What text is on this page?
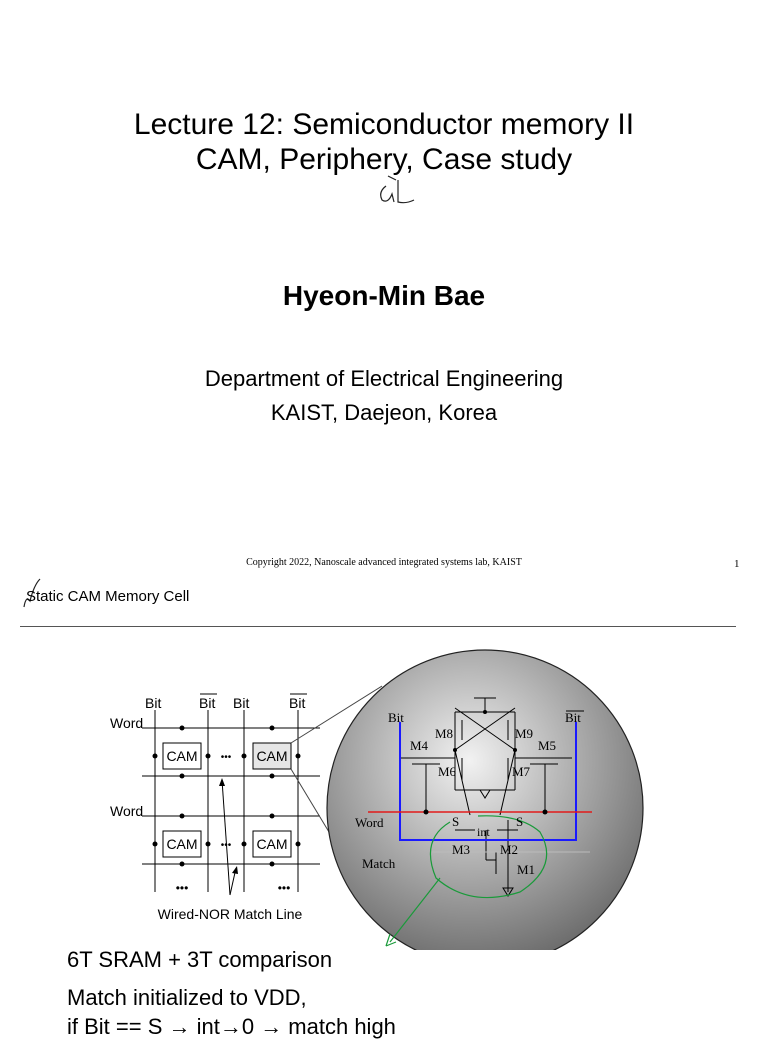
Lecture 12: Semiconductor memory II
CAM, Periphery, Case study
al
Hyeon-Min Bae
Department of Electrical Engineering
KAIST, Daejeon, Korea
Copyright 2022, Nanoscale advanced integrated systems lab, KAIST	1
Static CAM Memory Cell
Bit	Bit Bit	Bit
Word
Word
CAM	CAM
CAM	CAM
•••
•••
•••	•••
Wired-NOR Match Line
Bit	Bit
Word
Match
int
S	S
M1
M2
M3
M4	M5
M6	M7
M8	M9
6T SRAM + 3T comparison
Match initialized to VDD,
if Bit == S → int→0 → match high
